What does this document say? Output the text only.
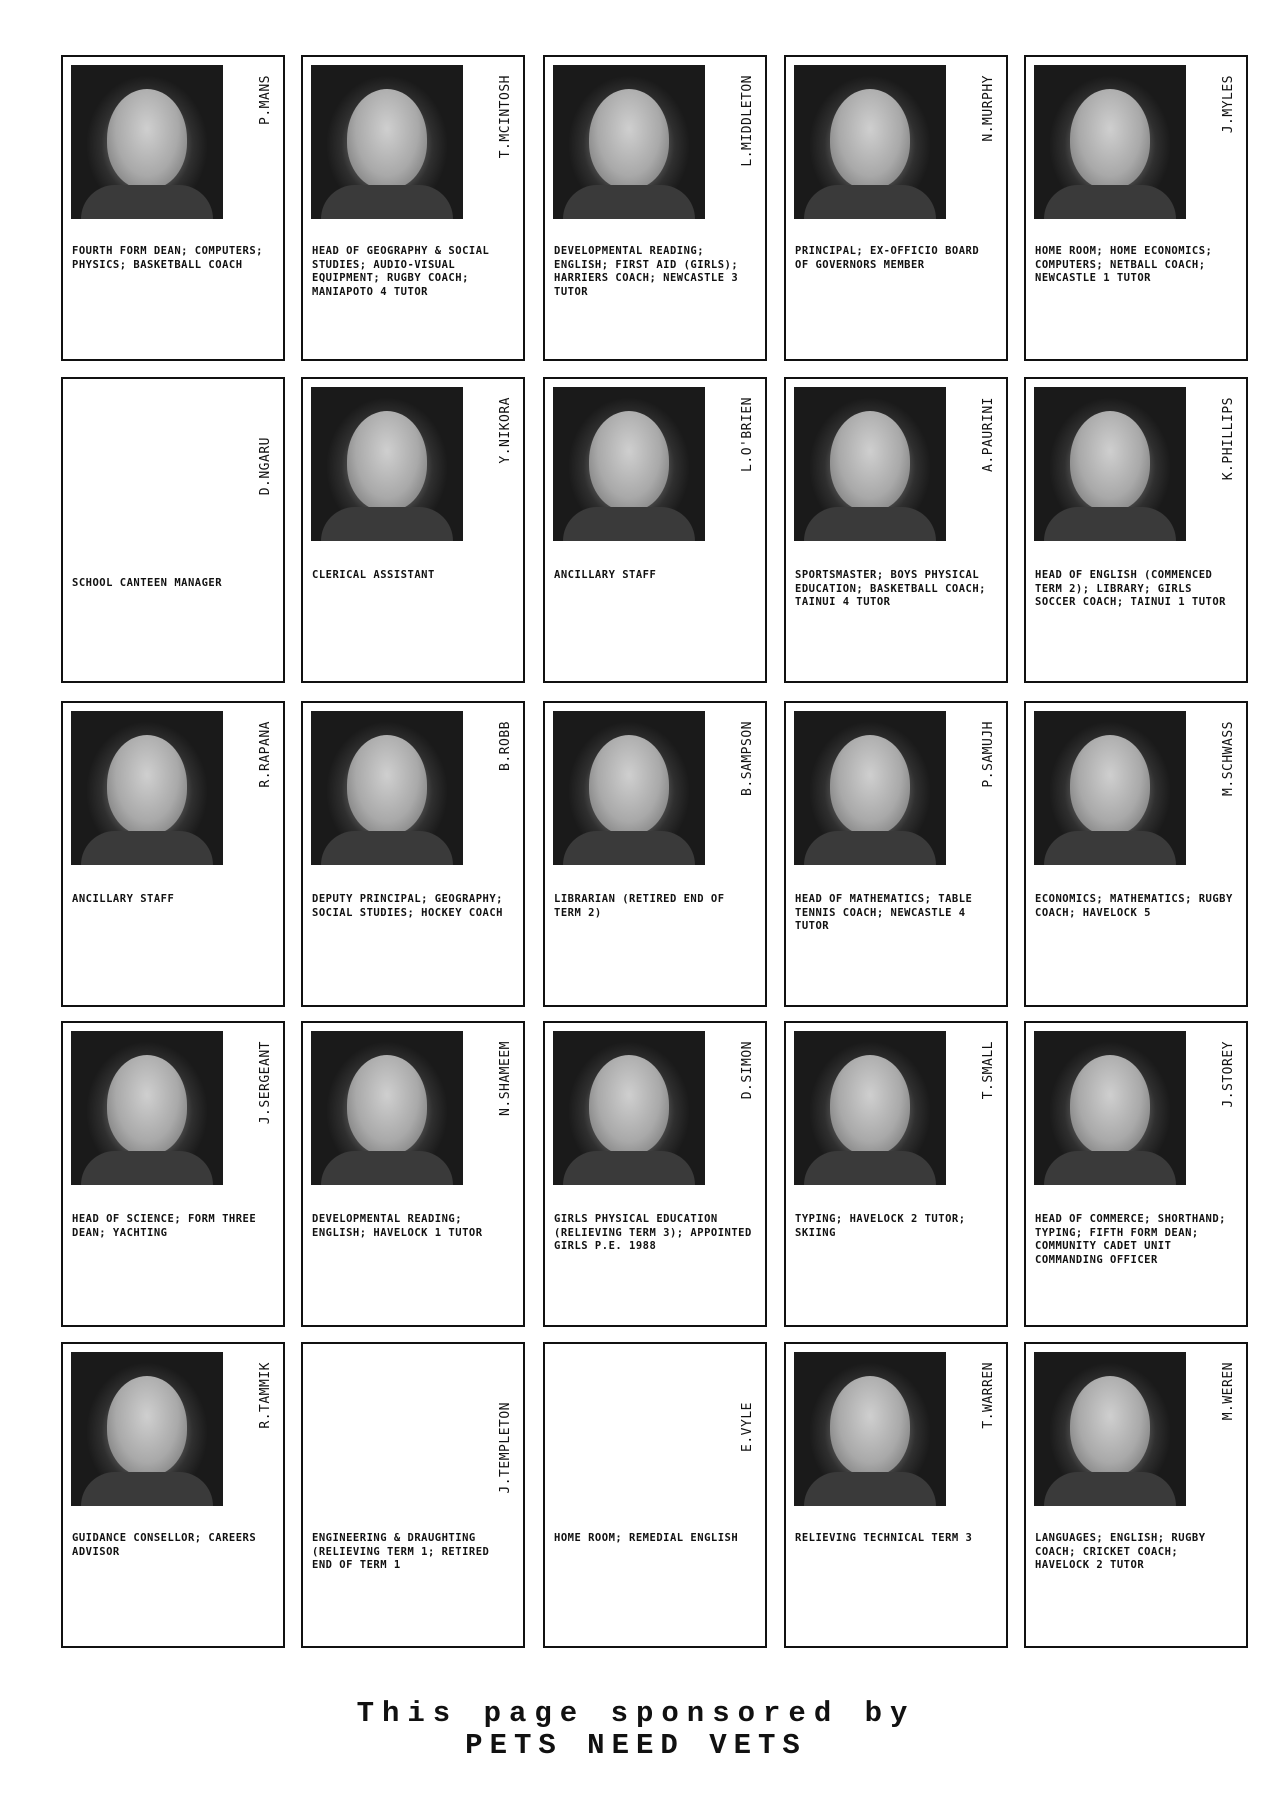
P.MANS
FOURTH FORM DEAN; COMPUTERS; PHYSICS; BASKETBALL COACH
T.MCINTOSH
HEAD OF GEOGRAPHY & SOCIAL STUDIES; AUDIO-VISUAL EQUIPMENT; RUGBY COACH; MANIAPOTO 4 TUTOR
L.MIDDLETON
DEVELOPMENTAL READING; ENGLISH; FIRST AID (GIRLS); HARRIERS COACH; NEWCASTLE 3 TUTOR
N.MURPHY
PRINCIPAL; EX-OFFICIO BOARD OF GOVERNORS MEMBER
J.MYLES
HOME ROOM; HOME ECONOMICS; COMPUTERS; NETBALL COACH; NEWCASTLE 1 TUTOR
D.NGARU
SCHOOL CANTEEN MANAGER
Y.NIKORA
CLERICAL ASSISTANT
L.O'BRIEN
ANCILLARY STAFF
A.PAURINI
SPORTSMASTER; BOYS PHYSICAL EDUCATION; BASKETBALL COACH; TAINUI 4 TUTOR
K.PHILLIPS
HEAD OF ENGLISH (COMMENCED TERM 2); LIBRARY; GIRLS SOCCER COACH; TAINUI 1 TUTOR
R.RAPANA
ANCILLARY STAFF
B.ROBB
DEPUTY PRINCIPAL; GEOGRAPHY; SOCIAL STUDIES; HOCKEY COACH
B.SAMPSON
LIBRARIAN (RETIRED END OF TERM 2)
P.SAMUJH
HEAD OF MATHEMATICS; TABLE TENNIS COACH; NEWCASTLE 4 TUTOR
M.SCHWASS
ECONOMICS; MATHEMATICS; RUGBY COACH; HAVELOCK 5
J.SERGEANT
HEAD OF SCIENCE; FORM THREE DEAN; YACHTING
N.SHAMEEM
DEVELOPMENTAL READING; ENGLISH; HAVELOCK 1 TUTOR
D.SIMON
GIRLS PHYSICAL EDUCATION (RELIEVING TERM 3); APPOINTED GIRLS P.E. 1988
T.SMALL
TYPING; HAVELOCK 2 TUTOR; SKIING
J.STOREY
HEAD OF COMMERCE; SHORTHAND; TYPING; FIFTH FORM DEAN; COMMUNITY CADET UNIT COMMANDING OFFICER
R.TAMMIK
GUIDANCE CONSELLOR; CAREERS ADVISOR
J.TEMPLETON
ENGINEERING & DRAUGHTING (RELIEVING TERM 1; RETIRED END OF TERM 1
E.VYLE
HOME ROOM; REMEDIAL ENGLISH
T.WARREN
RELIEVING TECHNICAL TERM 3
M.WEREN
LANGUAGES; ENGLISH; RUGBY COACH; CRICKET COACH; HAVELOCK 2 TUTOR
This page sponsored by
PETS NEED VETS
